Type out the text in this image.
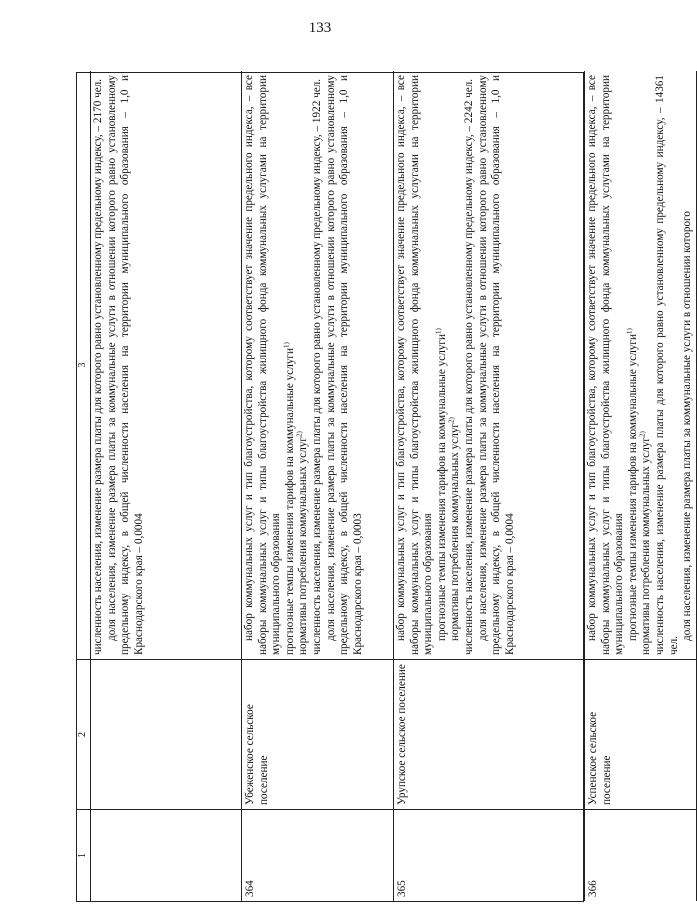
133
1
2
3 численность населения, изменение размера платы для которого равно установленному предельному индексу, – 2170 чел. доля населения, изменение размера платы за коммунальные услуги в отношении которого равно установленному предельному индексу, в общей численности населения на территории муниципального образования – 1,0 и Краснодарского края – 0,0004

364
Убеженское сельское поселение

набор коммунальных услуг и тип благоустройства, которому соответствует значение предельного индекса, – все наборы коммунальных услуг и типы благоустройства жилищного фонда коммунальных услугами на территории муниципального образования прогнозные темпы изменения тарифов на коммунальные услуги$^{1)}$

нормативы потребления коммунальных услуг$^{2)}$ численность населения, изменение размера платы для которого равно установленному предельному индексу, – 1922 чел. доля населения, изменение размера платы за коммунальные услуги в отношении которого равно установленному предельному индексу, в общей численности населения на территории муниципального образования – 1,0 и Краснодарского края – 0,0003

365
Урупское сельское поселение

набор коммунальных услуг и тип благоустройства, которому соответствует значение предельного индекса, – все наборы коммунальных услуг и типы благоустройства жилищного фонда коммунальных услугами на территории муниципального образования прогнозные темпы изменения тарифов на коммунальные услуги$^{1)}$

нормативы потребления коммунальных услуг$^{2)}$ численность населения, изменение размера платы для которого равно установленному предельному индексу, – 2242 чел. доля населения, изменение размера платы за коммунальные услуги в отношении которого равно установленному предельному индексу, в общей численности населения на территории муниципального образования – 1,0 и Краснодарского края – 0,0004

366
Успенское сельское поселение

набор коммунальных услуг и тип благоустройства, которому соответствует значение предельного индекса, – все наборы коммунальных услуг и типы благоустройства жилищного фонда коммунальных услугами на территории муниципального образования прогнозные темпы изменения тарифов на коммунальные услуги$^{1)}$

нормативы потребления коммунальных услуг$^{2)}$ численность населения, изменение размера платы для которого равно установленному предельному индексу, – 14361 чел.

доля населения, изменение размера платы за коммунальные услуги в отношении которого
